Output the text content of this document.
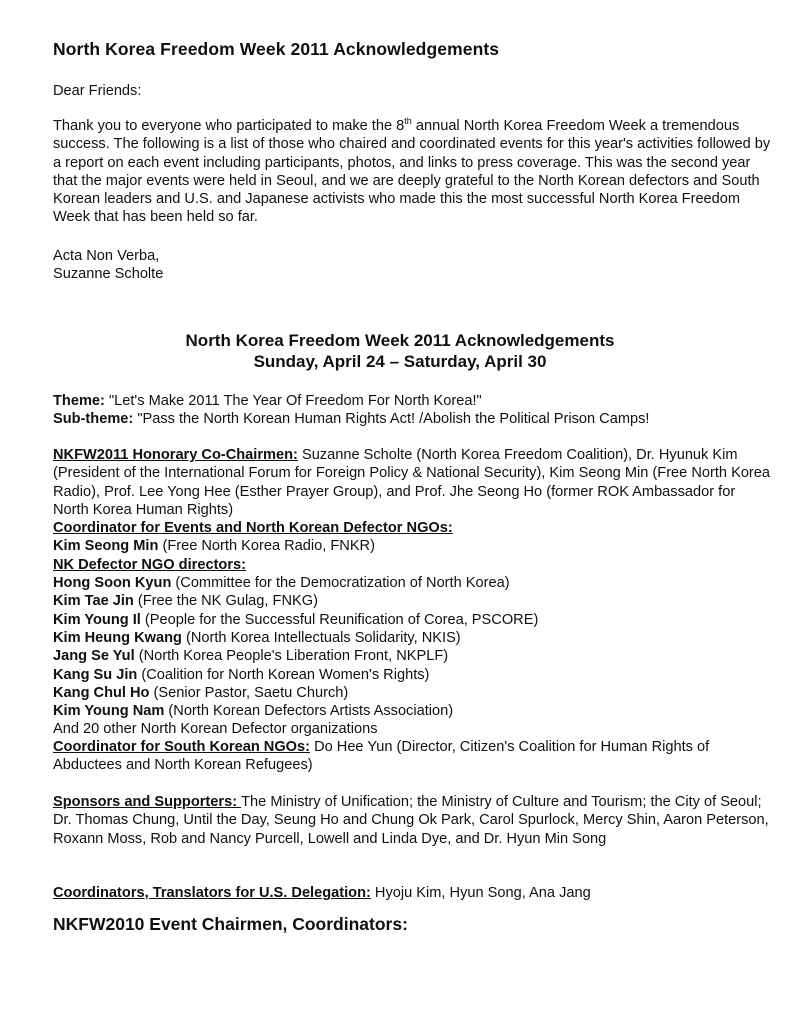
North Korea Freedom Week 2011 Acknowledgements

Dear Friends:

Thank you to everyone who participated to make the 8th annual North Korea Freedom Week a tremendous success. The following is a list of those who chaired and coordinated events for this year's activities followed by a report on each event including participants, photos, and links to press coverage. This was the second year that the major events were held in Seoul, and we are deeply grateful to the North Korean defectors and South Korean leaders and U.S. and Japanese activists who made this the most successful North Korea Freedom Week that has been held so far.

Acta Non Verba,

Suzanne Scholte

North Korea Freedom Week 2011 Acknowledgements
Sunday, April 24 – Saturday, April 30

Theme: "Let's Make 2011 The Year Of Freedom For North Korea!"

Sub-theme: "Pass the North Korean Human Rights Act! /Abolish the Political Prison Camps!

NKFW2011 Honorary Co-Chairmen: Suzanne Scholte (North Korea Freedom Coalition), Dr. Hyunuk Kim (President of the International Forum for Foreign Policy & National Security), Kim Seong Min (Free North Korea Radio), Prof. Lee Yong Hee (Esther Prayer Group), and Prof. Jhe Seong Ho (former ROK Ambassador for North Korea Human Rights)

Coordinator for Events and North Korean Defector NGOs:

Kim Seong Min (Free North Korea Radio, FNKR)

NK Defector NGO directors:

Hong Soon Kyun (Committee for the Democratization of North Korea)

Kim Tae Jin (Free the NK Gulag, FNKG)

Kim Young Il (People for the Successful Reunification of Corea, PSCORE)

Kim Heung Kwang (North Korea Intellectuals Solidarity, NKIS)

Jang Se Yul (North Korea People's Liberation Front, NKPLF)

Kang Su Jin (Coalition for North Korean Women's Rights)

Kang Chul Ho (Senior Pastor, Saetu Church)

Kim Young Nam (North Korean Defectors Artists Association)

And 20 other North Korean Defector organizations

Coordinator for South Korean NGOs: Do Hee Yun (Director, Citizen's Coalition for Human Rights of Abductees and North Korean Refugees)

Sponsors and Supporters: The Ministry of Unification; the Ministry of Culture and Tourism; the City of Seoul; Dr. Thomas Chung, Until the Day, Seung Ho and Chung Ok Park, Carol Spurlock, Mercy Shin, Aaron Peterson, Roxann Moss, Rob and Nancy Purcell, Lowell and Linda Dye, and Dr. Hyun Min Song

Coordinators, Translators for U.S. Delegation: Hyoju Kim, Hyun Song, Ana Jang

NKFW2010 Event Chairmen, Coordinators:
